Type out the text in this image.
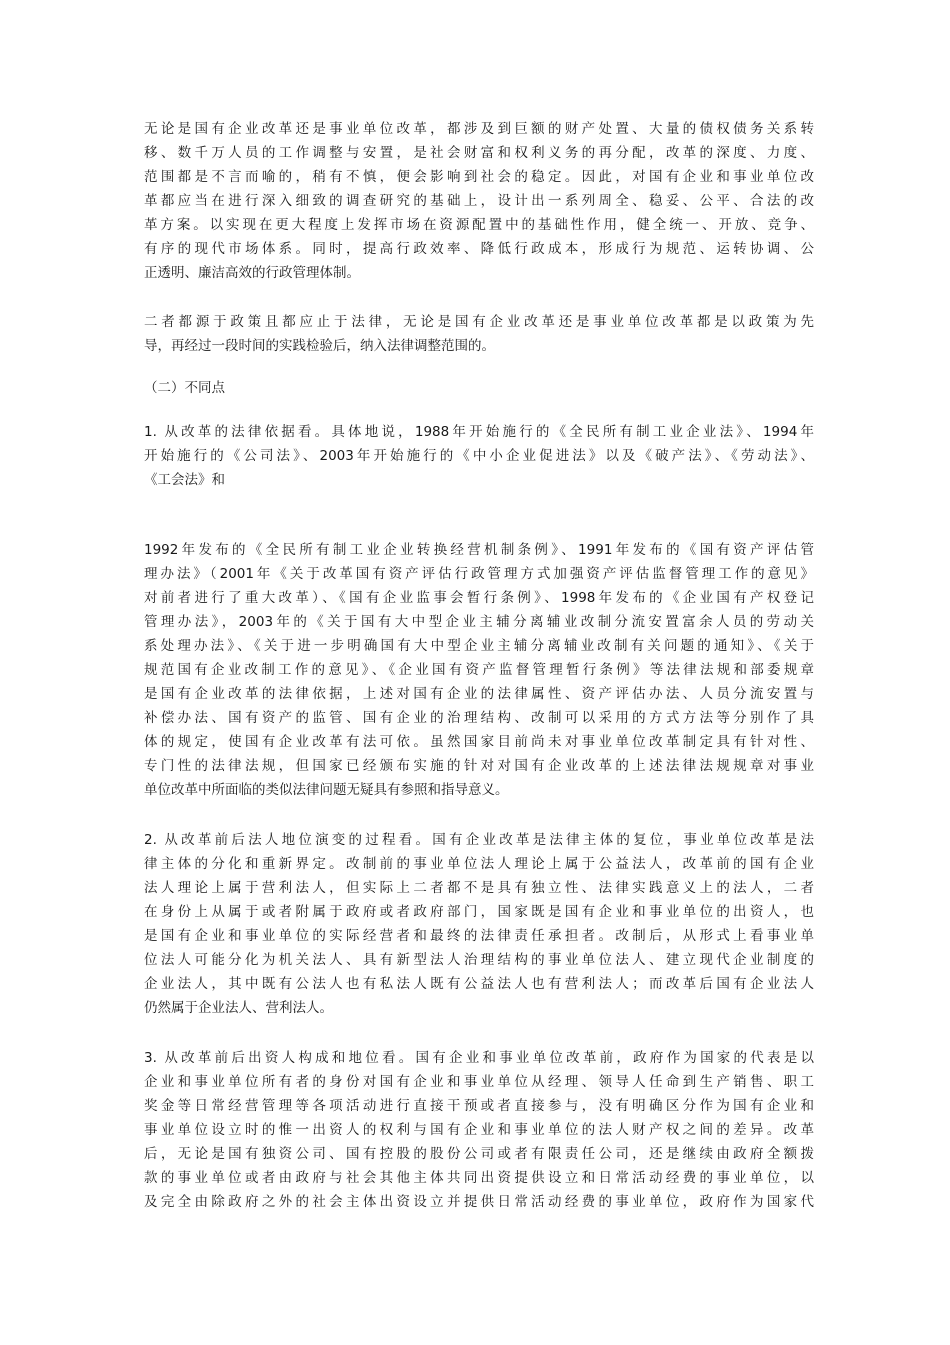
无论是国有企业改革还是事业单位改革，都涉及到巨额的财产处置、大量的债权债务关系转
移、数千万人员的工作调整与安置，是社会财富和权利义务的再分配，改革的深度、力度、
范围都是不言而喻的，稍有不慎，便会影响到社会的稳定。因此，对国有企业和事业单位改
革都应当在进行深入细致的调查研究的基础上，设计出一系列周全、稳妥、公平、合法的改
革方案。以实现在更大程度上发挥市场在资源配置中的基础性作用，健全统一、开放、竞争、
有序的现代市场体系。同时，提高行政效率、降低行政成本，形成行为规范、运转协调、公
正透明、廉洁高效的行政管理体制。
二者都源于政策且都应止于法律，无论是国有企业改革还是事业单位改革都是以政策为先
导，再经过一段时间的实践检验后，纳入法律调整范围的。
（二）不同点
1. 从改革的法律依据看。具体地说，1988年开始施行的《全民所有制工业企业法》、1994年
开始施行的《公司法》、2003年开始施行的《中小企业促进法》以及《破产法》、《劳动法》、
《工会法》和
1992年发布的《全民所有制工业企业转换经营机制条例》、1991年发布的《国有资产评估管
理办法》（2001年《关于改革国有资产评估行政管理方式加强资产评估监督管理工作的意见》
对前者进行了重大改革）、《国有企业监事会暂行条例》、1998年发布的《企业国有产权登记
管理办法》，2003年的《关于国有大中型企业主辅分离辅业改制分流安置富余人员的劳动关
系处理办法》、《关于进一步明确国有大中型企业主辅分离辅业改制有关问题的通知》、《关于
规范国有企业改制工作的意见》、《企业国有资产监督管理暂行条例》等法律法规和部委规章
是国有企业改革的法律依据，上述对国有企业的法律属性、资产评估办法、人员分流安置与
补偿办法、国有资产的监管、国有企业的治理结构、改制可以采用的方式方法等分别作了具
体的规定，使国有企业改革有法可依。虽然国家目前尚未对事业单位改革制定具有针对性、
专门性的法律法规，但国家已经颁布实施的针对对国有企业改革的上述法律法规规章对事业
单位改革中所面临的类似法律问题无疑具有参照和指导意义。
2. 从改革前后法人地位演变的过程看。国有企业改革是法律主体的复位，事业单位改革是法
律主体的分化和重新界定。改制前的事业单位法人理论上属于公益法人，改革前的国有企业
法人理论上属于营利法人，但实际上二者都不是具有独立性、法律实践意义上的法人，二者
在身份上从属于或者附属于政府或者政府部门，国家既是国有企业和事业单位的出资人，也
是国有企业和事业单位的实际经营者和最终的法律责任承担者。改制后，从形式上看事业单
位法人可能分化为机关法人、具有新型法人治理结构的事业单位法人、建立现代企业制度的
企业法人，其中既有公法人也有私法人既有公益法人也有营利法人；而改革后国有企业法人
仍然属于企业法人、营利法人。
3. 从改革前后出资人构成和地位看。国有企业和事业单位改革前，政府作为国家的代表是以
企业和事业单位所有者的身份对国有企业和事业单位从经理、领导人任命到生产销售、职工
奖金等日常经营管理等各项活动进行直接干预或者直接参与，没有明确区分作为国有企业和
事业单位设立时的惟一出资人的权利与国有企业和事业单位的法人财产权之间的差异。改革
后，无论是国有独资公司、国有控股的股份公司或者有限责任公司，还是继续由政府全额拨
款的事业单位或者由政府与社会其他主体共同出资提供设立和日常活动经费的事业单位，以
及完全由除政府之外的社会主体出资设立并提供日常活动经费的事业单位，政府作为国家代
